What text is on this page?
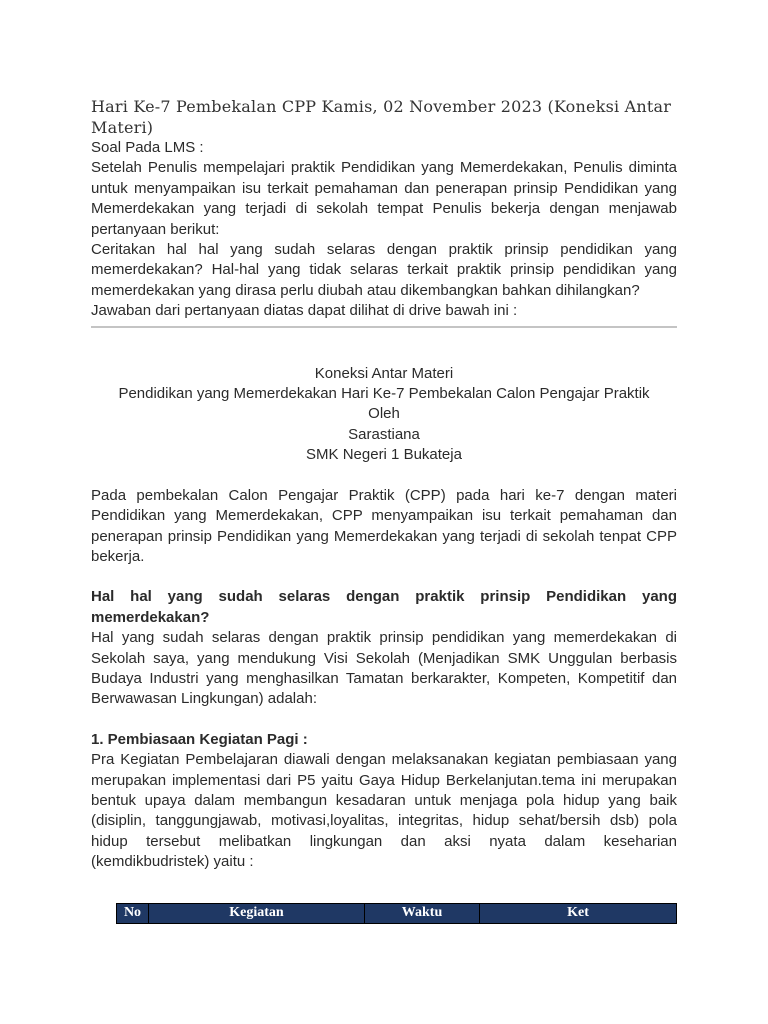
Hari Ke-7 Pembekalan CPP Kamis, 02 November 2023 (Koneksi Antar Materi)
Soal Pada LMS :

Setelah Penulis mempelajari praktik Pendidikan yang Memerdekakan, Penulis diminta untuk menyampaikan isu terkait pemahaman dan penerapan prinsip Pendidikan yang Memerdekakan yang terjadi di sekolah tempat Penulis bekerja dengan menjawab pertanyaan berikut:

Ceritakan hal hal yang sudah selaras dengan praktik prinsip pendidikan yang memerdekakan? Hal-hal yang tidak selaras terkait praktik prinsip pendidikan yang memerdekakan yang dirasa perlu diubah atau dikembangkan bahkan dihilangkan?

Jawaban dari pertanyaan diatas dapat dilihat di drive bawah ini :

Koneksi Antar Materi
Pendidikan yang Memerdekakan Hari Ke-7 Pembekalan Calon Pengajar Praktik
Oleh
Sarastiana
SMK Negeri 1 Bukateja

Pada pembekalan Calon Pengajar Praktik (CPP) pada hari ke-7 dengan materi Pendidikan yang Memerdekakan, CPP menyampaikan isu terkait pemahaman dan penerapan prinsip Pendidikan yang Memerdekakan yang terjadi di sekolah tenpat CPP bekerja.

Hal hal yang sudah selaras dengan praktik prinsip Pendidikan yang memerdekakan?

Hal yang sudah selaras dengan praktik prinsip pendidikan yang memerdekakan di Sekolah saya, yang mendukung Visi Sekolah (Menjadikan SMK Unggulan berbasis Budaya Industri yang menghasilkan Tamatan berkarakter, Kompeten, Kompetitif dan Berwawasan Lingkungan) adalah:

1. Pembiasaan Kegiatan Pagi :

Pra Kegiatan Pembelajaran diawali dengan melaksanakan kegiatan pembiasaan yang merupakan implementasi dari P5 yaitu Gaya Hidup Berkelanjutan.tema ini merupakan bentuk upaya dalam membangun kesadaran untuk menjaga pola hidup yang baik (disiplin, tanggungjawab, motivasi,loyalitas, integritas, hidup sehat/bersih dsb) pola hidup tersebut melibatkan lingkungan dan aksi nyata dalam keseharian (kemdikbudristek) yaitu :

No	Kegiatan	Waktu	Ket
